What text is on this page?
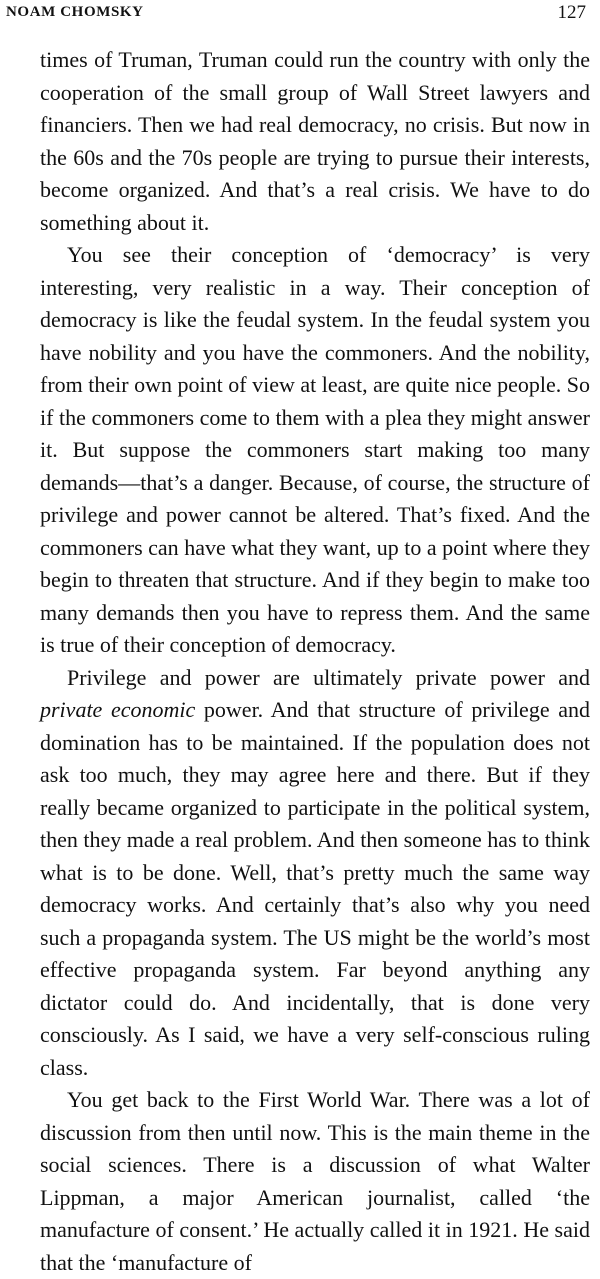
NOAM CHOMSKY	127

times of Truman, Truman could run the country with only the cooperation of the small group of Wall Street lawyers and financiers. Then we had real democracy, no crisis. But now in the 60s and the 70s people are trying to pursue their interests, become organized. And that’s a real crisis. We have to do something about it.

You see their conception of ‘democracy’ is very interesting, very realistic in a way. Their conception of democracy is like the feudal system. In the feudal system you have nobility and you have the commoners. And the nobility, from their own point of view at least, are quite nice people. So if the commoners come to them with a plea they might answer it. But suppose the commoners start making too many demands—that’s a danger. Because, of course, the structure of privilege and power cannot be altered. That’s fixed. And the commoners can have what they want, up to a point where they begin to threaten that structure. And if they begin to make too many demands then you have to repress them. And the same is true of their conception of democracy.

Privilege and power are ultimately private power and private economic power. And that structure of privilege and domination has to be maintained. If the population does not ask too much, they may agree here and there. But if they really became organized to participate in the political system, then they made a real problem. And then someone has to think what is to be done. Well, that’s pretty much the same way democracy works. And certainly that’s also why you need such a propaganda system. The US might be the world’s most effective propaganda system. Far beyond anything any dictator could do. And incidentally, that is done very consciously. As I said, we have a very self-conscious ruling class.

You get back to the First World War. There was a lot of discussion from then until now. This is the main theme in the social sciences. There is a discussion of what Walter Lippman, a major American journalist, called ‘the manufacture of consent.’ He actually called it in 1921. He said that the ‘manufacture of
